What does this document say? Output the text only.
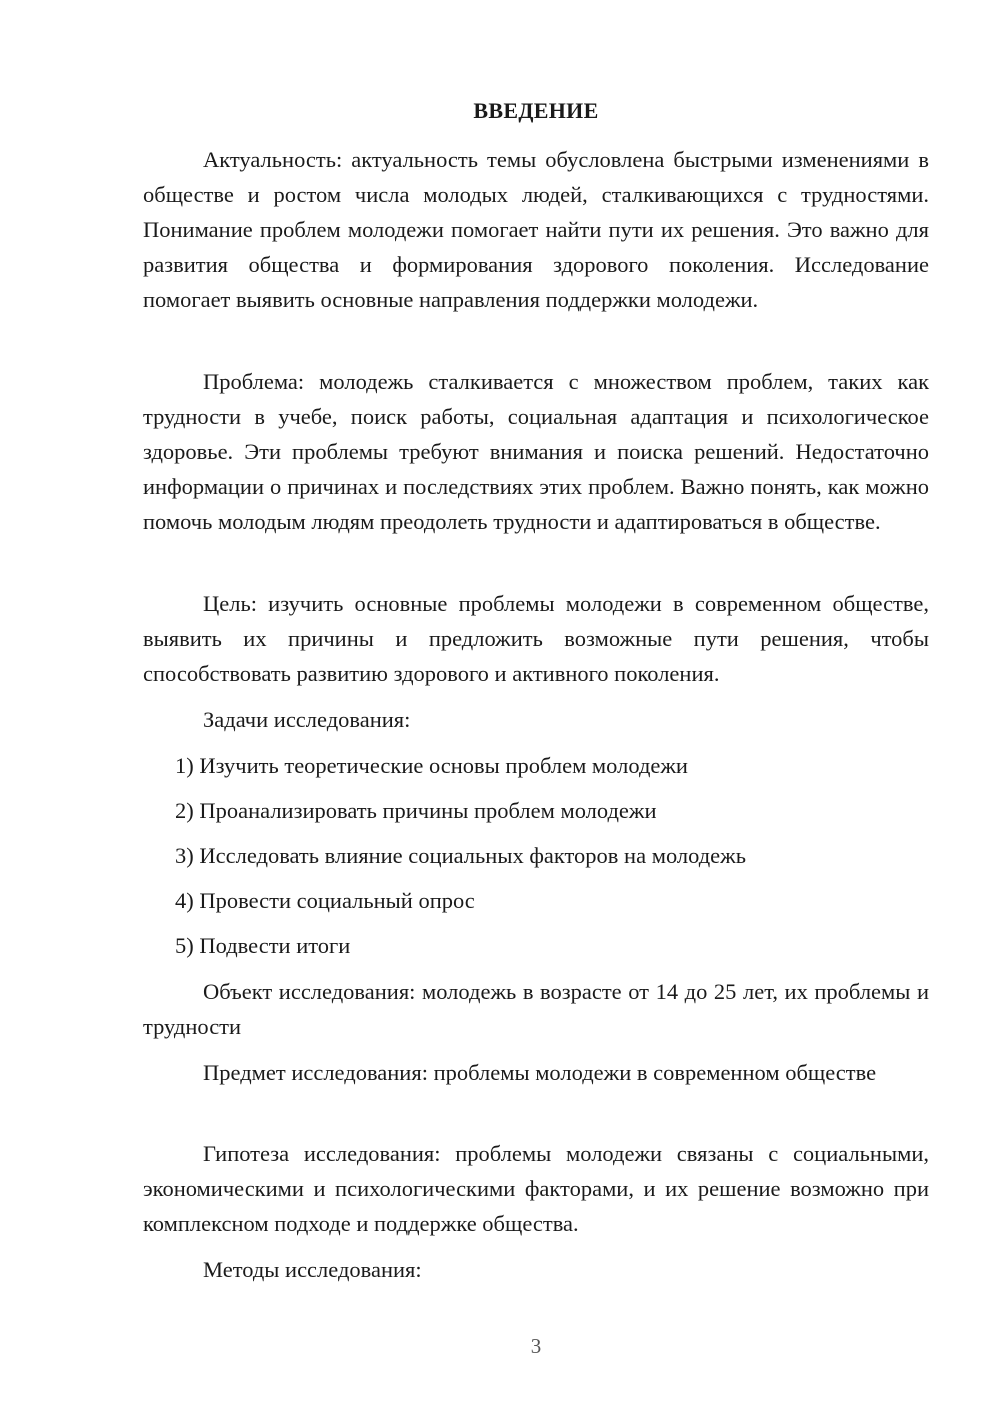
ВВЕДЕНИЕ

Актуальность: актуальность темы обусловлена быстрыми изменениями в обществе и ростом числа молодых людей, сталкивающихся с трудностями. Понимание проблем молодежи помогает найти пути их решения. Это важно для развития общества и формирования здорового поколения. Исследование помогает выявить основные направления поддержки молодежи.

Проблема: молодежь сталкивается с множеством проблем, таких как трудности в учебе, поиск работы, социальная адаптация и психологическое здоровье. Эти проблемы требуют внимания и поиска решений. Недостаточно информации о причинах и последствиях этих проблем. Важно понять, как можно помочь молодым людям преодолеть трудности и адаптироваться в обществе.

Цель: изучить основные проблемы молодежи в современном обществе, выявить их причины и предложить возможные пути решения, чтобы способствовать развитию здорового и активного поколения.

Задачи исследования:

1) Изучить теоретические основы проблем молодежи

2) Проанализировать причины проблем молодежи

3) Исследовать влияние социальных факторов на молодежь

4) Провести социальный опрос

5) Подвести итоги

Объект исследования: молодежь в возрасте от 14 до 25 лет, их проблемы и трудности

Предмет исследования: проблемы молодежи в современном обществе

Гипотеза исследования: проблемы молодежи связаны с социальными, экономическими и психологическими факторами, и их решение возможно при комплексном подходе и поддержке общества.

Методы исследования:

3
